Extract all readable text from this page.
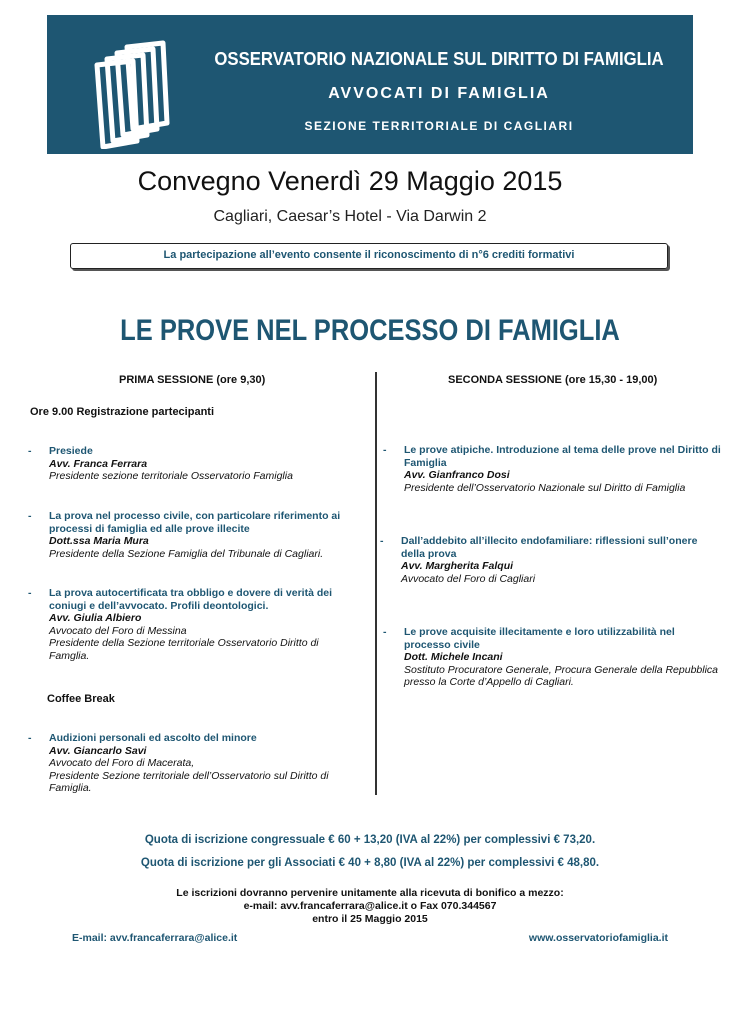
OSSERVATORIO NAZIONALE SUL DIRITTO DI FAMIGLIA
AVVOCATI DI FAMIGLIA
SEZIONE TERRITORIALE DI CAGLIARI
Convegno Venerdì 29 Maggio 2015
Cagliari, Caesar’s Hotel - Via Darwin 2
La partecipazione all’evento consente il riconoscimento di n°6 crediti formativi
LE PROVE NEL PROCESSO DI FAMIGLIA
PRIMA SESSIONE (ore 9,30)	SECONDA SESSIONE (ore 15,30 - 19,00)
Ore 9.00 Registrazione partecipanti
- Presiede
Avv. Franca Ferrara
Presidente sezione territoriale Osservatorio Famiglia
- La prova nel processo civile, con particolare riferimento ai processi di famiglia ed alle prove illecite
Dott.ssa Maria Mura
Presidente della Sezione Famiglia del Tribunale di Cagliari.
- La prova autocertificata tra obbligo e dovere di verità dei coniugi e dell’avvocato. Profili deontologici.
Avv. Giulia Albiero
Avvocato del Foro di Messina
Presidente della Sezione territoriale Osservatorio Diritto di Famglia.
Coffee Break
- Audizioni personali ed ascolto del minore
Avv. Giancarlo Savi
Avvocato del Foro di Macerata,
Presidente Sezione territoriale dell’Osservatorio sul Diritto di Famiglia.
- Le prove atipiche. Introduzione al tema delle prove nel Diritto di Famiglia
Avv. Gianfranco Dosi
Presidente dell’Osservatorio Nazionale sul Diritto di Famiglia
- Dall’addebito all’illecito endofamiliare: riflessioni sull’onere della prova
Avv. Margherita Falqui
Avvocato del Foro di Cagliari
- Le prove acquisite illecitamente e loro utilizzabilità nel processo civile
Dott. Michele Incani
Sostituto Procuratore Generale, Procura Generale della Repubblica presso la Corte d’Appello di Cagliari.
Quota di iscrizione congressuale € 60 + 13,20 (IVA al 22%) per complessivi € 73,20.
Quota di iscrizione per gli Associati € 40 + 8,80 (IVA al 22%) per complessivi € 48,80.
Le iscrizioni dovranno pervenire unitamente alla ricevuta di bonifico a mezzo:
e-mail: avv.francaferrara@alice.it o Fax 070.344567
entro il 25 Maggio 2015
E-mail: avv.francaferrara@alice.it	www.osservatoriofamiglia.it
